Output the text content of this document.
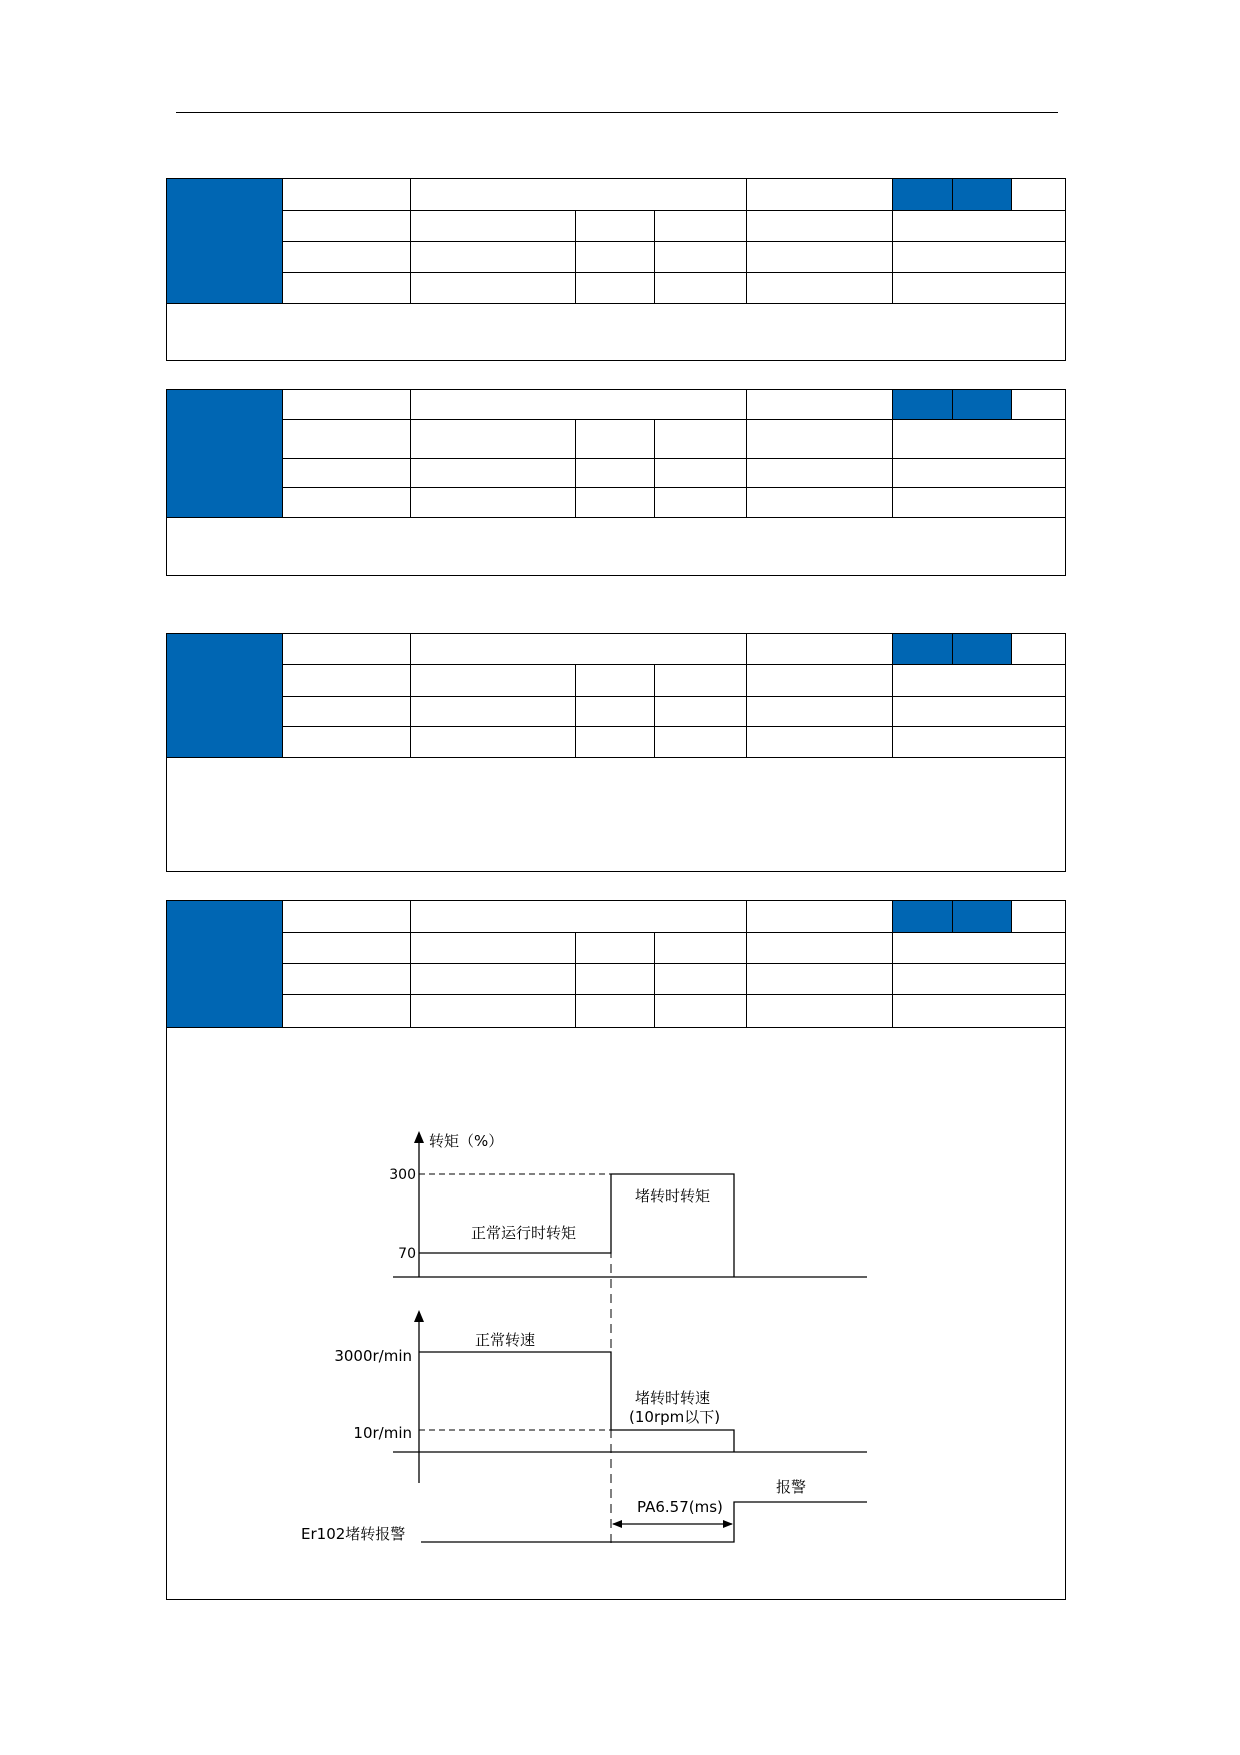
转矩（%）
300
70
正常运行时转矩
堵转时转矩
3000r/min
10r/min
正常转速
堵转时转速
(10rpm以下)
PA6.57(ms)
报警
Er102堵转报警
